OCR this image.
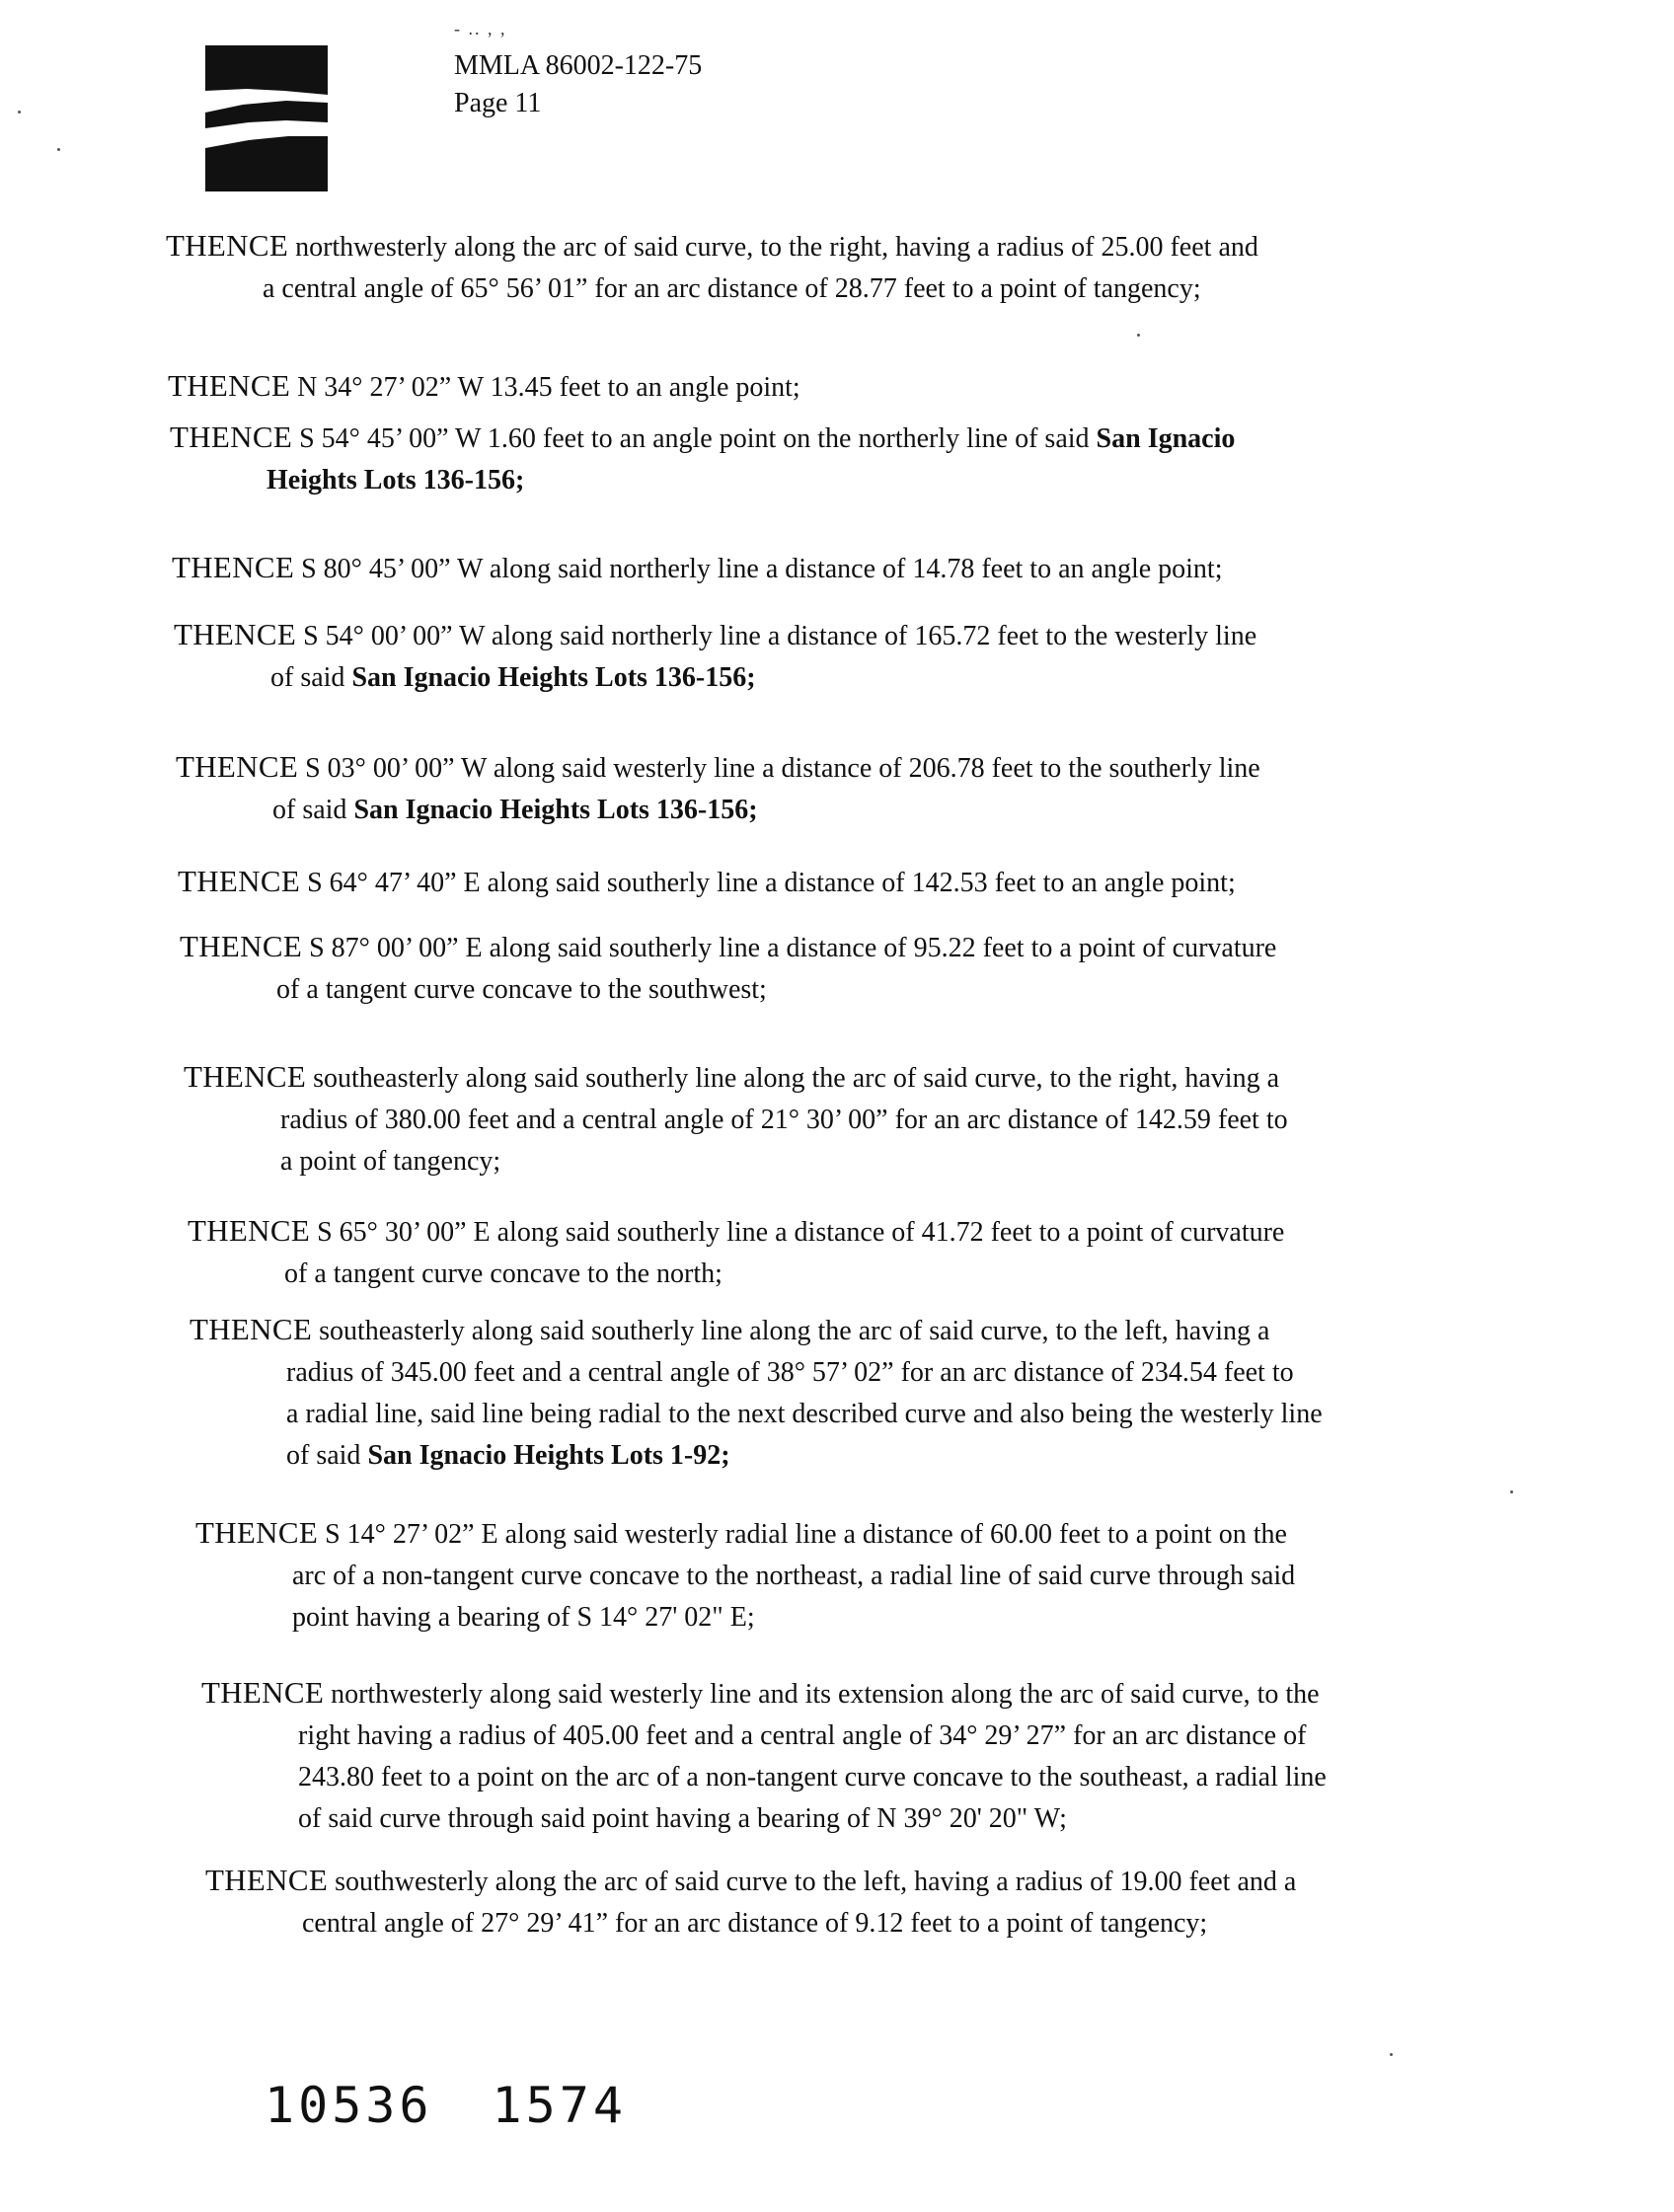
- .. , ,
MMLA 86002-122-75
Page 11
THENCE northwesterly along the arc of said curve, to the right, having a radius of 25.00 feet and
a central angle of 65° 56’ 01” for an arc distance of 28.77 feet to a point of tangency;
THENCE N 34° 27’ 02” W 13.45 feet to an angle point;
THENCE S 54° 45’ 00” W 1.60 feet to an angle point on the northerly line of said San Ignacio
Heights Lots 136-156;
THENCE S 80° 45’ 00” W along said northerly line a distance of 14.78 feet to an angle point;
THENCE S 54° 00’ 00” W along said northerly line a distance of 165.72 feet to the westerly line
of said San Ignacio Heights Lots 136-156;
THENCE S 03° 00’ 00” W along said westerly line a distance of 206.78 feet to the southerly line
of said San Ignacio Heights Lots 136-156;
THENCE S 64° 47’ 40” E along said southerly line a distance of 142.53 feet to an angle point;
THENCE S 87° 00’ 00” E along said southerly line a distance of 95.22 feet to a point of curvature
of a tangent curve concave to the southwest;
THENCE southeasterly along said southerly line along the arc of said curve, to the right, having a
radius of 380.00 feet and a central angle of 21° 30’ 00” for an arc distance of 142.59 feet to
a point of tangency;
THENCE S 65° 30’ 00” E along said southerly line a distance of 41.72 feet to a point of curvature
of a tangent curve concave to the north;
THENCE southeasterly along said southerly line along the arc of said curve, to the left, having a
radius of 345.00 feet and a central angle of 38° 57’ 02” for an arc distance of 234.54 feet to
a radial line, said line being radial to the next described curve and also being the westerly line
of said San Ignacio Heights Lots 1-92;
THENCE S 14° 27’ 02” E along said westerly radial line a distance of 60.00 feet to a point on the
arc of a non-tangent curve concave to the northeast, a radial line of said curve through said
point having a bearing of S 14° 27' 02" E;
THENCE northwesterly along said westerly line and its extension along the arc of said curve, to the
right having a radius of 405.00 feet and a central angle of 34° 29’ 27” for an arc distance of
243.80 feet to a point on the arc of a non-tangent curve concave to the southeast, a radial line
of said curve through said point having a bearing of N 39° 20' 20" W;
THENCE southwesterly along the arc of said curve to the left, having a radius of 19.00 feet and a
central angle of 27° 29’ 41” for an arc distance of 9.12 feet to a point of tangency;
10536 1574
